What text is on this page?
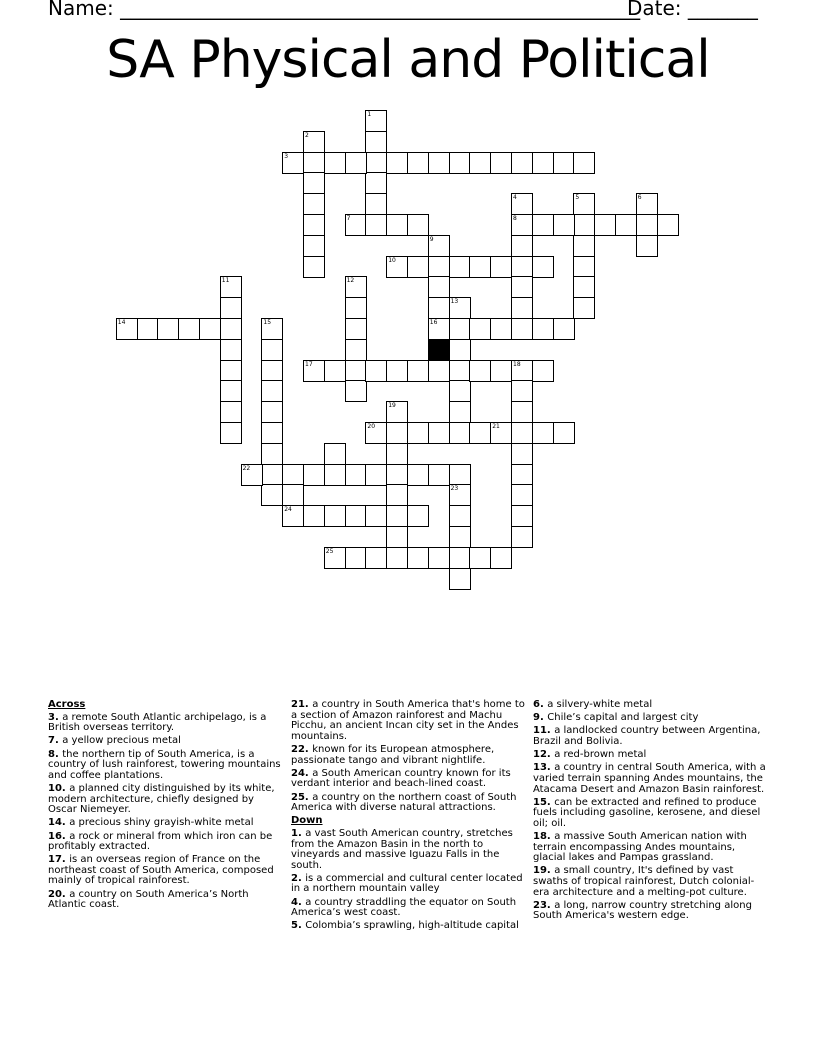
Name: ____________________________________________________
Date: _______
SA Physical and Political
1
2
3
4
8
5	6
7
9
16
10
11	12
13
14	15
17	18
19
20	21
22
23
24
25
Across
3. a remote South Atlantic archipelago, is a British overseas territory.
7. a yellow precious metal
8. the northern tip of South America, is a country of lush rainforest, towering mountains and coffee plantations.
10. a planned city distinguished by its white, modern architecture, chiefly designed by Oscar Niemeyer.
14. a precious shiny grayish-white metal
16. a rock or mineral from which iron can be profitably extracted.
17. is an overseas region of France on the northeast coast of South America, composed mainly of tropical rainforest.
20. a country on South America’s North Atlantic coast.
21. a country in South America that's home to a section of Amazon rainforest and Machu Picchu, an ancient Incan city set in the Andes mountains.
22. known for its European atmosphere, passionate tango and vibrant nightlife.
24. a South American country known for its verdant interior and beach-lined coast.
25. a country on the northern coast of South America with diverse natural attractions.
Down
1. a vast South American country, stretches from the Amazon Basin in the north to vineyards and massive Iguazu Falls in the south.
2. is a commercial and cultural center located in a northern mountain valley
4. a country straddling the equator on South America’s west coast.
5. Colombia’s sprawling, high-altitude capital
6. a silvery-white metal
9. Chile’s capital and largest city
11. a landlocked country between Argentina, Brazil and Bolivia.
12. a red-brown metal
13. a country in central South America, with a varied terrain spanning Andes mountains, the Atacama Desert and Amazon Basin rainforest.
15. can be extracted and refined to produce fuels including gasoline, kerosene, and diesel oil; oil.
18. a massive South American nation with terrain encompassing Andes mountains, glacial lakes and Pampas grassland.
19. a small country, It's defined by vast swaths of tropical rainforest, Dutch colonial-era architecture and a melting-pot culture.
23. a long, narrow country stretching along South America's western edge.
